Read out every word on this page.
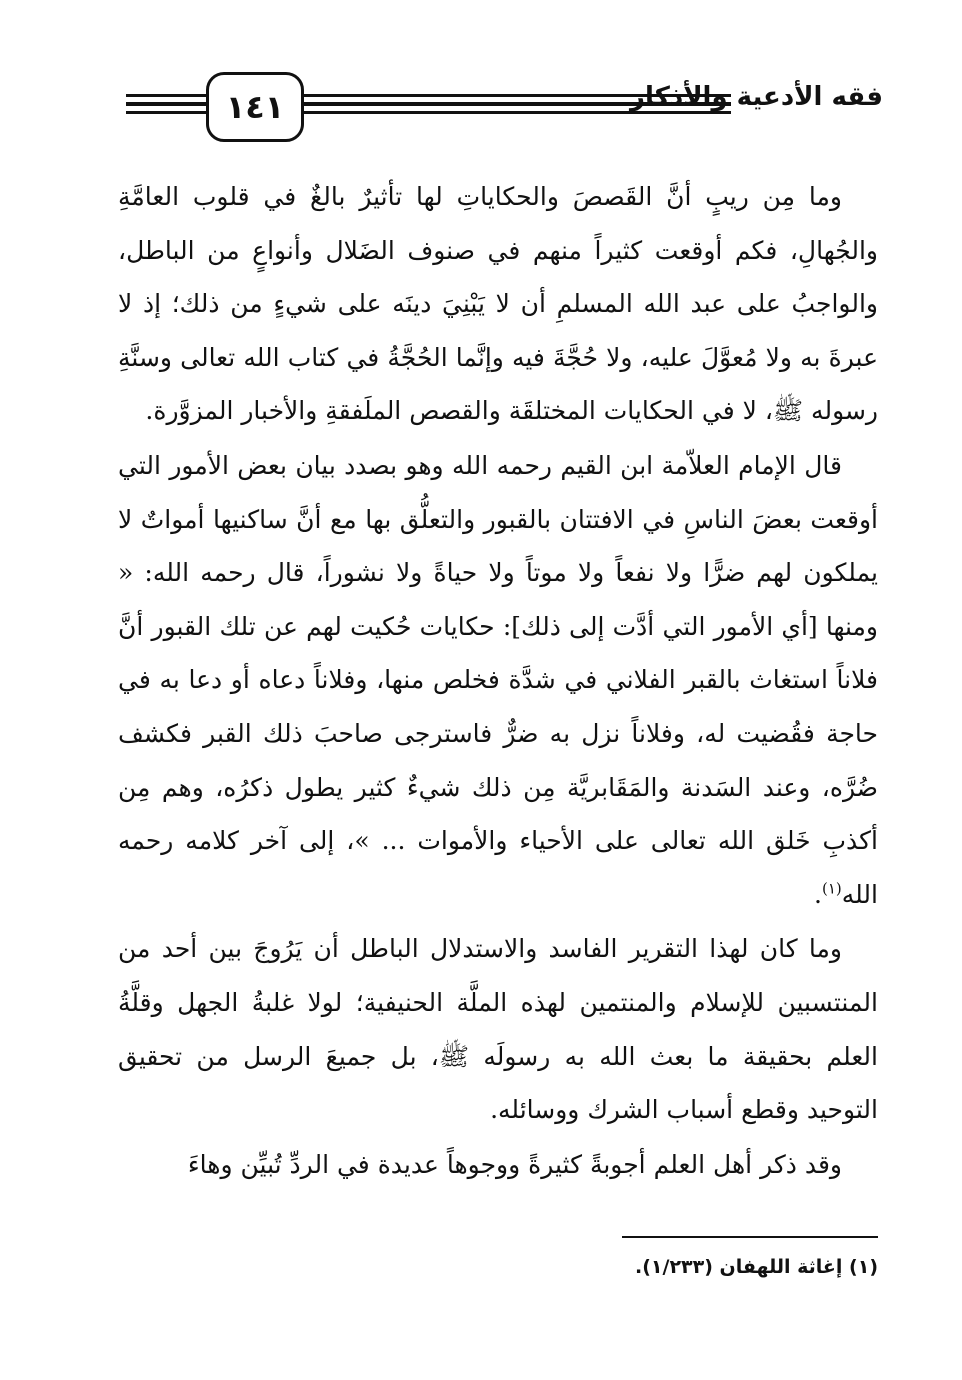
١٤١	فقه الأدعية والأذكار

وما مِن ريبٍ أنَّ القَصصَ والحكاياتِ لها تأثيرٌ بالغٌ في قلوب العامَّةِ والجُهالِ، فكم أوقعت كثيراً منهم في صنوف الضَلال وأنواعٍ من الباطل، والواجبُ على عبد الله المسلمِ أن لا يَبْنِيَ دينَه على شيءٍ من ذلك؛ إذ لا عبرةَ به ولا مُعوَّلَ عليه، ولا حُجَّةَ فيه وإنَّما الحُجَّةُ في كتاب الله تعالى وسنَّةِ رسوله ﷺ، لا في الحكايات المختلقَة والقصص الملَفقةِ والأخبار المزوَّرة.

قال الإمام العلاّمة ابن القيم رحمه الله وهو بصدد بيان بعض الأمور التي أوقعت بعضَ الناسِ في الافتتان بالقبور والتعلُّق بها مع أنَّ ساكنيها أمواتٌ لا يملكون لهم ضرًّا ولا نفعاً ولا موتاً ولا حياةً ولا نشوراً، قال رحمه الله: « ومنها [أي الأمور التي أدَّت إلى ذلك]: حكايات حُكيت لهم عن تلك القبور أنَّ فلاناً استغاث بالقبر الفلاني في شدَّة فخلص منها، وفلاناً دعاه أو دعا به في حاجة فقُضيت له، وفلاناً نزل به ضرٌّ فاسترجى صاحبَ ذلك القبر فكشف ضُرَّه، وعند السَدنة والمَقَابريَّة مِن ذلك شيءٌ كثير يطول ذكرُه، وهم مِن أكذبِ خَلق الله تعالى على الأحياء والأموات ... »، إلى آخر كلامه رحمه الله$^{(١)}$.

وما كان لهذا التقرير الفاسد والاستدلال الباطل أن يَرُوجَ بين أحد من المنتسبين للإسلام والمنتمين لهذه الملَّة الحنيفية؛ لولا غلبةُ الجهل وقلَّةُ العلم بحقيقة ما بعث الله به رسولَه ﷺ، بل جميعَ الرسل من تحقيق التوحيد وقطع أسباب الشرك ووسائله.

وقد ذكر أهل العلم أجوبةً كثيرةً ووجوهاً عديدة في الردِّ تُبيِّن وهاءَ

(١) إغاثة اللهفان (١/٢٣٣).
